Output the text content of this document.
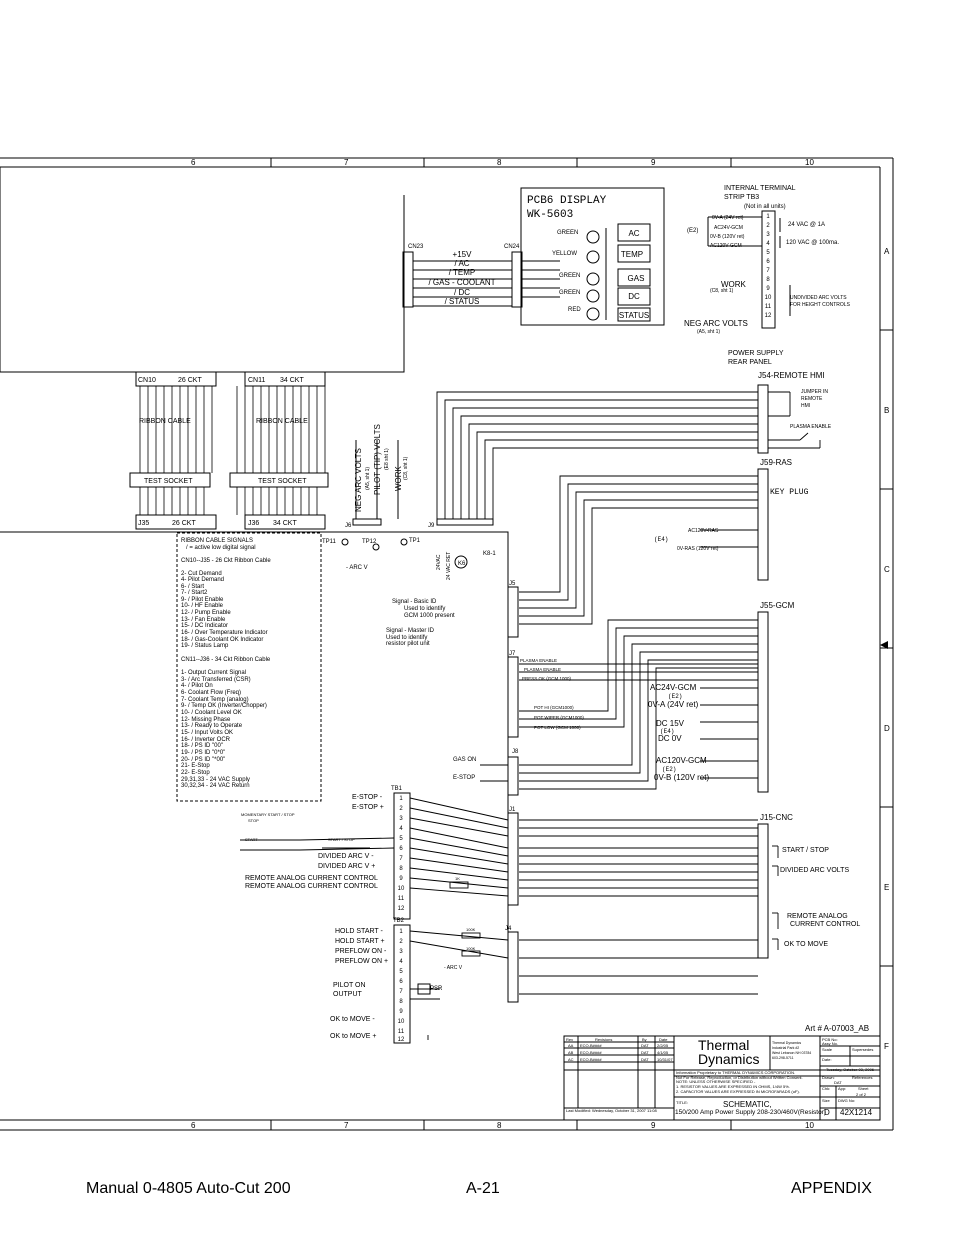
6	7	8	9	10
6	7	8	9	10
A
B
C
D
E
F
PCB6 DISPLAY
WK-5603
CN23	CN24
+15V
/ AC
/ TEMP
/ GAS - COOLANT
/ DC
/ STATUS
GREEN
YELLOW
GREEN
GREEN
RED
AC
TEMP
GAS
DC
STATUS
CN10	26 CKT	CN11 34 CKT
J35	26 CKT	J36 34 CKT
RIBBON CABLE	RIBBON CABLE
TEST SOCKET	TEST SOCKET	NEG ARC VOLTS (A5, sht 1) PILOT (TIP) VOLTS (E8 sht 1)
WORK (C8, sht 1)
24VAC 24 VAC RET
J6	J9
J5
J7
J8
J1
J4
TP11	TP12	TP1
- ARC V
K8-1
K6
RIBBON CABLE SIGNALS
/ = active low digital signal
CN10--J35 - 26 Ckt Ribbon Cable
2- Cut Demand
4- Pilot Demand
6- / Start
7- / Start2
9- / Pilot Enable
10- / HF Enable
12- / Pump Enable
13- / Fan Enable
15- / DC Indicator
16- / Over Temperature Indicator
18- / Gas-Coolant OK Indicator
19- / Status Lamp
CN11--J36 - 34 Ckt Ribbon Cable
1- Output Current Signal
3- / Arc Transferred (CSR)
4- / Pilot On
6- Coolant Flow (Freq)
7- Coolant Temp (analog)
9- / Temp OK (Inverter/Chopper)
10- / Coolant Level OK
12- Missing Phase
13- / Ready to Operate
15- / Input Volts OK
16- / Inverter OCR
18- / PS ID "00"
19- / PS ID "0*0"
20- / PS ID "*00"
21- E-Stop
22- E-Stop
29,31,33 - 24 VAC Supply
30,32,34 - 24 VAC Return
Signal - Basic ID
Used to identify
GCM 1000 present
Signal - Master ID
Used to identify
resistor pilot unit
PLASMA ENABLE
PLASMA ENABLE
PRESS OK (GCM 1000)
POT HI (GCM1000)
POT WIPER (GCM1000)
POT LOW (GCM 1000)
GAS ON
E-STOP
INTERNAL TERMINAL
STRIP TB3
(Not in all units)
(E2)
24 VAC @ 1A
120 VAC @ 100ma.
UNDIVIDED ARC VOLTS
FOR HEIGHT CONTROLS
POWER SUPPLY
REAR PANEL
(C8, sht 1)
(A5, sht 1)
0V-A (24V ret)
AC24V-GCM
0V-B (120V ret)
AC120V-GCM
WORK
NEG ARC VOLTS
1
2
3
4
5
6
7
8
9
10
11
12
J54-REMOTE HMI
J59-RAS
J55-GCM
J15-CNC
JUMPER IN
REMOTE
HMI
PLASMA ENABLE
KEY PLUG
AC120V-RAS
0V-RAS (120V ret)
(E4)
AC24V-GCM
(E2)
0V-A (24V ret)
DC 15V
(E4)
DC 0V
AC120V-GCM
(E2)
0V-B (120V ret)
START / STOP
DIVIDED ARC VOLTS
REMOTE ANALOG
CURRENT CONTROL
OK TO MOVE
TB1
E-STOP -
E-STOP +
MOMENTARY START / STOP
STOP
START	START / STOP
DIVIDED ARC V -
DIVIDED ARC V +
REMOTE ANALOG CURRENT CONTROL
REMOTE ANALOG CURRENT CONTROL
1K
1
2
3
4
5
6
7
8
9
10
11
12
TB2
HOLD START -
HOLD START +
PREFLOW ON -
PREFLOW ON +
PILOT ON
OUTPUT
OK to MOVE -
OK to MOVE +
PSR
100K
100K
- ARC V
1
2
3
4
5
6
7
8
9
10
11
12
Art # A-07003_AB
Rev	Revisions	By	Date
AA ECO-B####	DAT 2/2/05
AB ECO-B####	DAT 4/1/05
AC ECO-B####	DAT 10/31/07
Last Modified: Wednesday, October 31, 2007 11:08
Thermal
Dynamics
Thermal Dynamics
Industrial Park #2
West Lebanon NH 03784
603-298-5711
PCB No:
Assy No.
Scale	Supersedes
Date:
Tuesday, October 03, 2006
Drawn:
DAT
References
Chk: App:	Sheet
2 of 2
Size DWG No:
Information Proprietary to THERMAL DYNAMICS CORPORATION.
Not For Release, Reproduction, or Distribution without Written Consent.
NOTE: UNLESS OTHERWISE SPECIFIED -
1. RESISTOR VALUES ARE EXPRESSED IN OHMS, 1/4W 5%.
2. CAPACITOR VALUES ARE EXPRESSED IN MICROFARADS (uF).
TITLE:	SCHEMATIC,
150/200 Amp Power Supply 208-230/460V(Resistor)
D 42X1214
Manual 0-4805 Auto-Cut 200	A-21	APPENDIX
